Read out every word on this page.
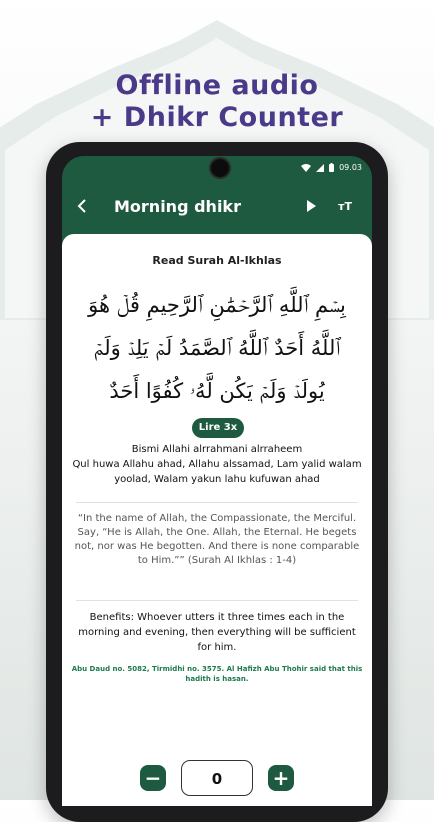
Offline audio
+ Dhikr Counter
09.03
Morning dhikr	тT
Read Surah Al-Ikhlas
بِسۡمِ ٱللَّهِ ٱلرَّحۡمَٰنِ ٱلرَّحِيمِ قُلۡ هُوَ ٱللَّهُ أَحَدٌ ٱللَّهُ ٱلصَّمَدُ لَمۡ يَلِدۡ وَلَمۡ يُولَدۡ وَلَمۡ يَكُن لَّهُۥ كُفُوًا أَحَدٌ
Lire 3x
Bismi Allahi alrrahmani alrraheem
Qul huwa Allahu ahad, Allahu alssamad, Lam yalid walam yoolad, Walam yakun lahu kufuwan ahad
“In the name of Allah, the Compassionate, the Merciful. Say, “He is Allah, the One. Allah, the Eternal. He begets not, nor was He begotten. And there is none comparable to Him.”” (Surah Al Ikhlas : 1-4)
Benefits: Whoever utters it three times each in the morning and evening, then everything will be sufficient for him.
Abu Daud no. 5082, Tirmidhi no. 3575. Al Hafizh Abu Thohir said that this hadith is hasan.
−	0	+
